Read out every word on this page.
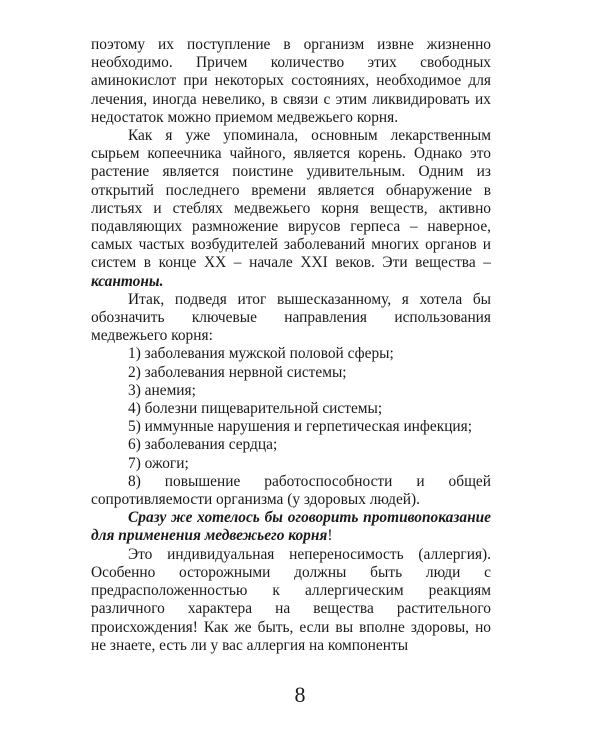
поэтому их поступление в организм извне жизненно необходимо. Причем количество этих свободных аминокислот при некоторых состояниях, необходимое для лечения, иногда невелико, в связи с этим ликвидировать их недостаток можно приемом медвежьего корня.

Как я уже упоминала, основным лекарственным сырьем копеечника чайного, является корень. Однако это растение является поистине удивительным. Одним из открытий последнего времени является обнаружение в листьях и стеблях медвежьего корня веществ, активно подавляющих размножение вирусов герпеса – наверное, самых частых возбудителей заболеваний многих органов и систем в конце XX – начале XXI веков. Эти вещества – ксантоны.

Итак, подведя итог вышесказанному, я хотела бы обозначить ключевые направления использования медвежьего корня:

1) заболевания мужской половой сферы;

2) заболевания нервной системы;

3) анемия;

4) болезни пищеварительной системы;

5) иммунные нарушения и герпетическая инфекция;

6) заболевания сердца;

7) ожоги;

8) повышение работоспособности и общей сопротивляемости организма (у здоровых людей).

Сразу же хотелось бы оговорить противопоказание для применения медвежьего корня!

Это индивидуальная непереносимость (аллергия). Особенно осторожными должны быть люди с предрасположенностью к аллергическим реакциям различного характера на вещества растительного происхождения! Как же быть, если вы вполне здоровы, но не знаете, есть ли у вас аллергия на компоненты

8
